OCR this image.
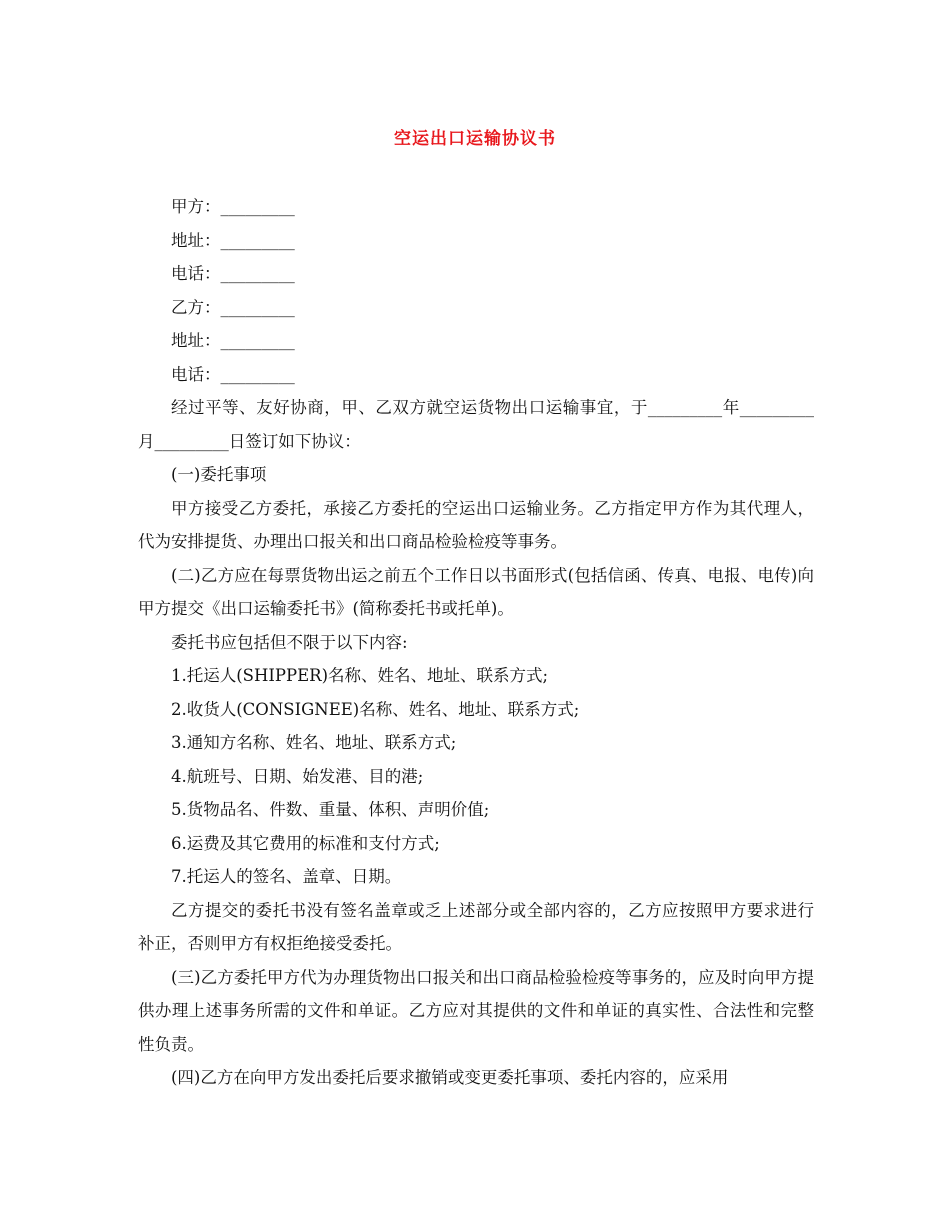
空运出口运输协议书

甲方：_________

地址：_________

电话：_________

乙方：_________

地址：_________

电话：_________

经过平等、友好协商，甲、乙双方就空运货物出口运输事宜，于_________年_________月_________日签订如下协议：

(一)委托事项

甲方接受乙方委托，承接乙方委托的空运出口运输业务。乙方指定甲方作为其代理人，代为安排提货、办理出口报关和出口商品检验检疫等事务。

(二)乙方应在每票货物出运之前五个工作日以书面形式(包括信函、传真、电报、电传)向甲方提交《出口运输委托书》(简称委托书或托单)。

委托书应包括但不限于以下内容:

1.托运人(SHIPPER)名称、姓名、地址、联系方式;

2.收货人(CONSIGNEE)名称、姓名、地址、联系方式;

3.通知方名称、姓名、地址、联系方式;

4.航班号、日期、始发港、目的港;

5.货物品名、件数、重量、体积、声明价值;

6.运费及其它费用的标准和支付方式;

7.托运人的签名、盖章、日期。

乙方提交的委托书没有签名盖章或乏上述部分或全部内容的，乙方应按照甲方要求进行补正，否则甲方有权拒绝接受委托。

(三)乙方委托甲方代为办理货物出口报关和出口商品检验检疫等事务的，应及时向甲方提供办理上述事务所需的文件和单证。乙方应对其提供的文件和单证的真实性、合法性和完整性负责。

(四)乙方在向甲方发出委托后要求撤销或变更委托事项、委托内容的，应采用
